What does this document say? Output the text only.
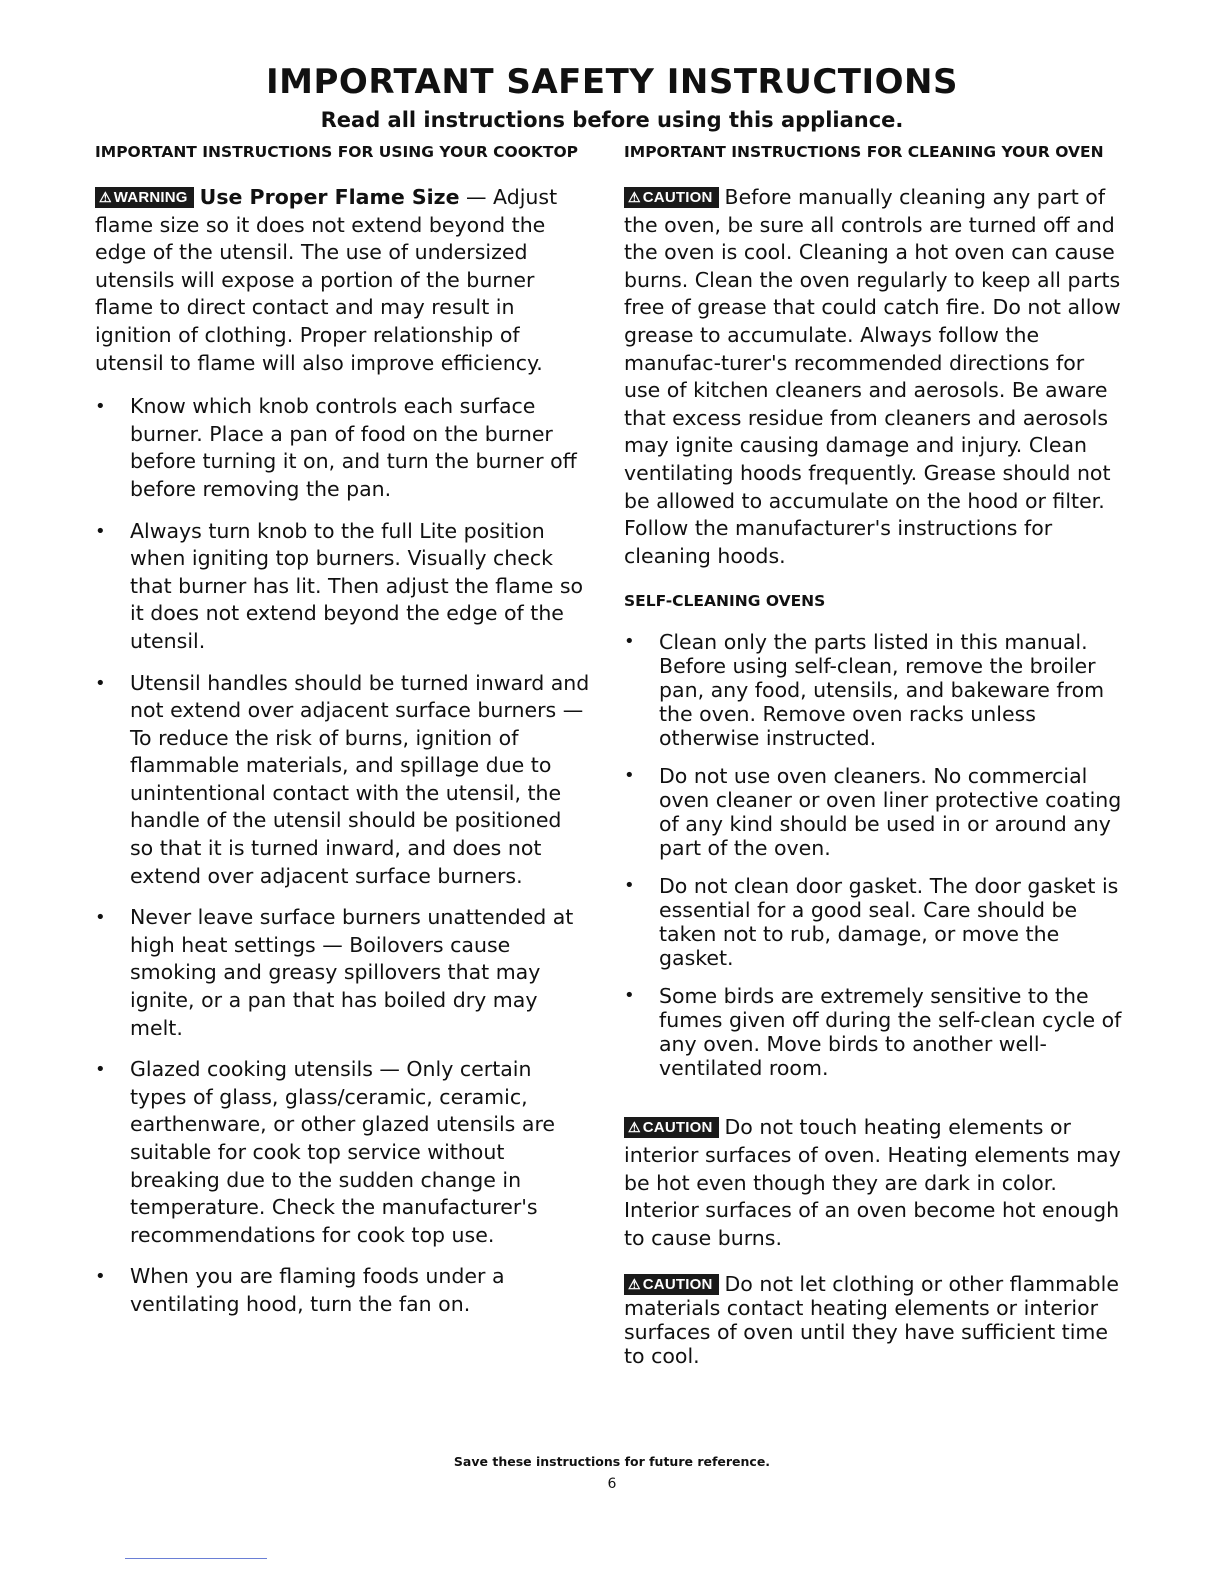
IMPORTANT SAFETY INSTRUCTIONS

Read all instructions before using this appliance.

IMPORTANT INSTRUCTIONS FOR USING YOUR COOKTOP

⚠ WARNING Use Proper Flame Size — Adjust flame size so it does not extend beyond the edge of the utensil. The use of undersized utensils will expose a portion of the burner flame to direct contact and may result in ignition of clothing. Proper relationship of utensil to flame will also improve efficiency.

• Know which knob controls each surface burner. Place a pan of food on the burner before turning it on, and turn the burner off before removing the pan.
• Always turn knob to the full Lite position when igniting top burners. Visually check that burner has lit. Then adjust the flame so it does not extend beyond the edge of the utensil.
• Utensil handles should be turned inward and not extend over adjacent surface burners — To reduce the risk of burns, ignition of flammable materials, and spillage due to unintentional contact with the utensil, the handle of the utensil should be positioned so that it is turned inward, and does not extend over adjacent surface burners.
• Never leave surface burners unattended at high heat settings — Boilovers cause smoking and greasy spillovers that may ignite, or a pan that has boiled dry may melt.
• Glazed cooking utensils — Only certain types of glass, glass/ceramic, ceramic, earthenware, or other glazed utensils are suitable for cook top service without breaking due to the sudden change in temperature. Check the manufacturer's recommendations for cook top use.
• When you are flaming foods under a ventilating hood, turn the fan on.

IMPORTANT INSTRUCTIONS FOR CLEANING YOUR OVEN

⚠ CAUTION Before manually cleaning any part of the oven, be sure all controls are turned off and the oven is cool. Cleaning a hot oven can cause burns. Clean the oven regularly to keep all parts free of grease that could catch fire. Do not allow grease to accumulate. Always follow the manufac-turer's recommended directions for use of kitchen cleaners and aerosols. Be aware that excess residue from cleaners and aerosols may ignite causing damage and injury. Clean ventilating hoods frequently. Grease should not be allowed to accumulate on the hood or filter. Follow the manufacturer's instructions for cleaning hoods.

SELF-CLEANING OVENS

• Clean only the parts listed in this manual. Before using self-clean, remove the broiler pan, any food, utensils, and bakeware from the oven. Remove oven racks unless otherwise instructed.
• Do not use oven cleaners. No commercial oven cleaner or oven liner protective coating of any kind should be used in or around any part of the oven.
• Do not clean door gasket. The door gasket is essential for a good seal. Care should be taken not to rub, damage, or move the gasket.
• Some birds are extremely sensitive to the fumes given off during the self-clean cycle of any oven. Move birds to another well-ventilated room.

⚠ CAUTION Do not touch heating elements or interior surfaces of oven. Heating elements may be hot even though they are dark in color. Interior surfaces of an oven become hot enough to cause burns.

⚠ CAUTION Do not let clothing or other flammable materials contact heating elements or interior surfaces of oven until they have sufficient time to cool.

Save these instructions for future reference.

6
